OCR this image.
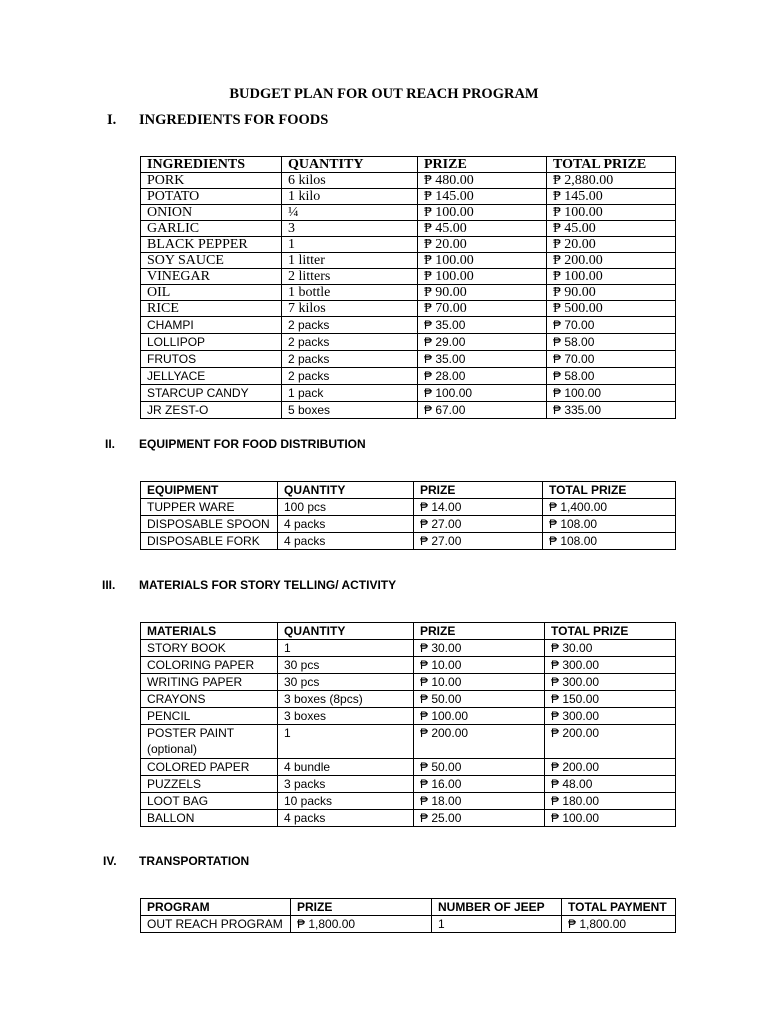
BUDGET PLAN FOR OUT REACH PROGRAM
I. INGREDIENTS FOR FOODS
INGREDIENTS	QUANTITY	PRIZE	TOTAL PRIZE
PORK	6 kilos	₱ 480.00	₱ 2,880.00
POTATO	1 kilo	₱ 145.00	₱ 145.00
ONION	¼	₱ 100.00	₱ 100.00
GARLIC	3	₱ 45.00	₱ 45.00
BLACK PEPPER	1	₱ 20.00	₱ 20.00
SOY SAUCE	1 litter	₱ 100.00	₱ 200.00
VINEGAR	2 litters	₱ 100.00	₱ 100.00
OIL	1 bottle	₱ 90.00	₱ 90.00
RICE	7 kilos	₱ 70.00	₱ 500.00
CHAMPI	2 packs	₱ 35.00	₱ 70.00
LOLLIPOP	2 packs	₱ 29.00	₱ 58.00
FRUTOS	2 packs	₱ 35.00	₱ 70.00
JELLYACE	2 packs	₱ 28.00	₱ 58.00
STARCUP CANDY	1 pack	₱ 100.00	₱ 100.00
JR ZEST-O	5 boxes	₱ 67.00	₱ 335.00
II. EQUIPMENT FOR FOOD DISTRIBUTION
EQUIPMENT	QUANTITY	PRIZE	TOTAL PRIZE
TUPPER WARE	100 pcs	₱ 14.00	₱ 1,400.00
DISPOSABLE SPOON	4 packs	₱ 27.00	₱ 108.00
DISPOSABLE FORK	4 packs	₱ 27.00	₱ 108.00
III. MATERIALS FOR STORY TELLING/ ACTIVITY
MATERIALS	QUANTITY	PRIZE	TOTAL PRIZE
STORY BOOK	1	₱ 30.00	₱ 30.00
COLORING PAPER	30 pcs	₱ 10.00	₱ 300.00
WRITING PAPER	30 pcs	₱ 10.00	₱ 300.00
CRAYONS	3 boxes (8pcs)	₱ 50.00	₱ 150.00
PENCIL	3 boxes	₱ 100.00	₱ 300.00
POSTER PAINT (optional)	1	₱ 200.00	₱ 200.00
COLORED PAPER	4 bundle	₱ 50.00	₱ 200.00
PUZZELS	3 packs	₱ 16.00	₱ 48.00
LOOT BAG	10 packs	₱ 18.00	₱ 180.00
BALLON	4 packs	₱ 25.00	₱ 100.00
IV. TRANSPORTATION
PROGRAM	PRIZE	NUMBER OF JEEP	TOTAL PAYMENT
OUT REACH PROGRAM	₱ 1,800.00	1	₱ 1,800.00
